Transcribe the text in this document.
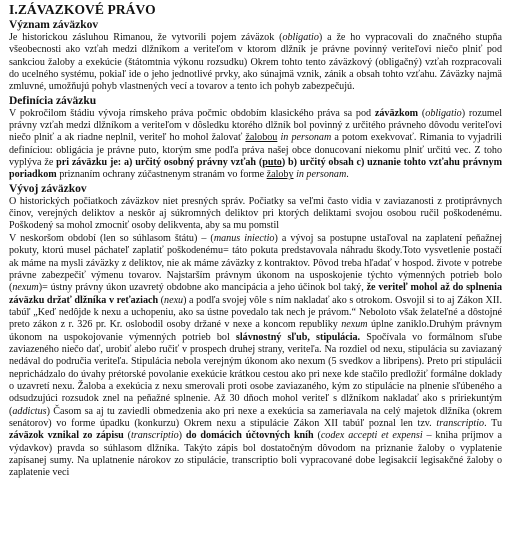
I.ZÁVAZKOVÉ PRÁVO
Význam záväzkov

Je historickou zásluhou Rimanou, že vytvorili pojem záväzok (obligatio) a že ho vypracovali do značného stupňa všeobecnosti ako vzťah medzi dlžníkom a veriteľom v ktorom dlžník je právne povinný veriteľovi niečo plniť pod sankciou žaloby a exekúcie (štátomtnia výkonu rozsudku) Okrem tohto tento záväzkový (obligačný) vzťah rozpracovali do ucelného systému, pokiaľ ide o jeho jednotlivé prvky, ako súnajmä vznik, zánik a obsah tohto vzťahu. Záväzky najmä zmluvné, umožňujú pohyb vlastnených vecí a tovarov a tento ich pohyb zabezpečujú.

Definícia záväzku

V pokročilom štádiu vývoja rímskeho práva počmic obdobím klasického práva sa pod záväzkom (obligatio) rozumel právny vzťah medzi dlžníkom a veriteľom v dôsledku ktorého dlžník bol povinný z určitého právneho dôvodu veriteľovi niečo plniť a ak riadne neplnil, veriteľ ho mohol žalovať žalobou in personam a potom exekvovať. Rimania to vyjadrili definíciou: obligácia je právne puto, ktorým sme podľa práva našej obce donucovaní niekomu plniť určitú vec. Z toho vyplýva že pri záväzku je: a) určitý osobný právny vzťah (puto) b) určitý obsah c) uznanie tohto vzťahu právnym poriadkom priznaním ochrany zúčastnenym stranám vo forme žaloby in personam.

Vývoj záväzkov

O historických počiatkoch záväzkov niet presných správ. Počiatky sa veľmi často vidia v zaviazanosti z protiprávnych činov, verejných deliktov a neskôr aj súkromných deliktov pri ktorých deliktami svojou osobou ručil poškodenému. Poškodený sa mohol zmocniť osoby delikventa, aby sa mu pomstil

V neskoršom období (len so súhlasom štátu) – (manus iniectio) a vývoj sa postupne ustaľoval na zaplatení peňažnej pokuty, ktorú musel páchateľ zaplatiť poškodenému= táto pokuta predstavovala náhradu škody.Toto vysvetlenie postačí ak máme na mysli záväzky z deliktov, nie ak máme záväzky z kontraktov. Pôvod treba hľadať v hospod. živote v potrebe právne zabezpečiť výmenu tovarov. Najstarším právnym úkonom na usposkojenie týchto výmenných potrieb bolo (nexum)= ústny právny úkon uzavretý obdobne ako mancipácia a jeho účinok bol taký, že veriteľ mohol až do splnenia záväzku držať dlžníka v reťaziach (nexu) a podľa svojej vôle s ním nakladať ako s otrokom. Osvojil si to aj Zákon XII. tabúľ „Keď nedôjde k nexu a uchopeniu, ako sa ústne povedalo tak nech je právom.“ Neboloto však želateľné a dôstojné preto zákon z r. 326 pr. Kr. oslobodil osoby držané v nexe a koncom republiky nexum úplne zaniklo.Druhým právnym úkonom na uspokojovanie výmenných potrieb bol slávnostný sľub, stipulácia. Spočívala vo formálnom sľube zaviazeného niečo dať, urobiť alebo ručiť v prospech druhej strany, veriteľa. Na rozdiel od nexu, stipulácia su zaviazaný nedával do područia veriteľa. Stipulácia nebola verejným úkonom ako nexum (5 svedkov a libripens). Preto pri stipulácii neprichádzalo do úvahy prétorské povolanie exekúcie krátkou cestou ako pri nexe kde stačilo predložiť formálne doklady o uzavretí nexu. Žaloba a exekúcia z nexu smerovali proti osobe zaviazaného, kým zo stipulácie na plnenie sľúbeného a odsudzujúci rozsudok znel na peňažné splnenie. Až 30 dňoch mohol veriteľ s dlžníkom nakladať ako s pririekuntým (addictus) Časom sa aj tu zaviedli obmedzenia ako pri nexe a exekúcia sa zameriavala na celý majetok dlžníka (okrem senátorov) vo forme úpadku (konkurzu) Okrem nexu a stipulácie Zákon XII tabúľ poznal len tzv. transcriptio. Tu záväzok vznikal zo zápisu (transcriptio) do domácich účtovných kníh (codex accepti et expensi – kniha príjmov a výdavkov) pravda so súhlasom dlžníka. Takýto zápis bol dostatočným dôvodom na priznanie žaloby o vyplatenie zapísanej sumy. Na uplatnenie nárokov zo stipulácie, transcriptio boli vypracované dobe legisakcií legisakčné žaloby o zaplatenie veci
